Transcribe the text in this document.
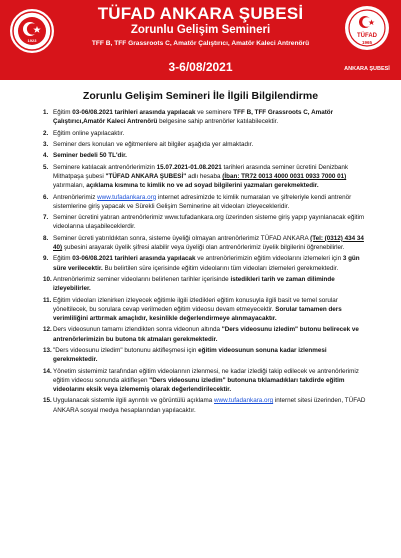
1923
TÜFAD ANKARA ŞUBESİ
Zorunlu Gelişim Semineri
TFF B, TFF Grassroots C, Amatör Çalıştırıcı, Amatör Kaleci Antrenörü
3-6/08/2021
TÜFAD
1965
ANKARA ŞUBESİ
Zorunlu Gelişim Semineri İle İlgili Bilgilendirme
1. Eğitim 03-06/08.2021 tarihleri arasında yapılacak ve seminere TFF B, TFF Grassroots C, Amatör Çalıştırıcı,Amatör Kaleci Antrenörü belgesine sahip antrenörler katılabilecektir.
2. Eğitim online yapılacaktır.
3. Seminer ders konuları ve eğitmenlere ait bilgiler aşağıda yer almaktadır.
4. Seminer bedeli 50 TL'dir.
5. Seminere katılacak antrenörlerimizin 15.07.2021-01.08.2021 tarihleri arasında seminer ücretini Denizbank Mithatpaşa şubesi "TÜFAD ANKARA ŞUBESİ" adlı hesaba (İban: TR72 0013 4000 0031 0933 7000 01) yatırmaları, açıklama kısmına tc kimlik no ve ad soyad bilgilerini yazmaları gerekmektedir.
6. Antrenörlerimiz www.tufadankara.org internet adresimizde tc kimlik numaraları ve şifreleriyle kendi antrenör sistemlerine giriş yapacak ve Sürekli Gelişim Seminerine ait videoları izleyecekleridir.
7. Seminer ücretini yatıran antrenörlerimiz www.tufadankara.org üzerinden sisteme giriş yapıp yayınlanacak eğitim videolarına ulaşabileceklerdir.
8. Seminer ücreti yatırıldıktan sonra, sisteme üyeliği olmayan antrenörlerimiz TÜFAD ANKARA (Tel: (0312) 434 34 40) şubesini arayarak üyelik şifresi alabilir veya üyeliği olan antrenörlerimiz üyelik bilgilerini öğrenebilirler.
9. Eğitim 03-06/08.2021 tarihleri arasında yapılacak ve antrenörlerimizin eğitim videolarını izlemeleri için 3 gün süre verilecektir. Bu belirtilen süre içerisinde eğitim videolarını tüm videoları izlemeleri gerekmektedir.
10. Antrenörlerimiz seminer videolarını belirlenen tarihler içerisinde istedikleri tarih ve zaman diliminde izleyebilirler.
11. Eğitim videoları izlenirken izleyecek eğitimle ilgili izledikleri eğitim konusuyla ilgili basit ve temel sorular yöneltilecek, bu sorulara cevap verilmeden eğitim videosu devam etmeyecektir. Sorular tamamen ders verimliliğini arttırmak amaçlıdır, kesinlikle değerlendirmeye alınmayacaktır.
12. Ders videosunun tamamı izlendikten sonra videonun altında "Ders videosunu izledim" butonu belirecek ve antrenörlerimizin bu butona tık atmaları gerekmektedir.
13. "Ders videosunu izledim" butonunu aktifleşmesi için eğitim videosunun sonuna kadar izlenmesi gerekmektedir.
14. Yönetim sistemimiz tarafından eğitim videolarının izlenmesi, ne kadar izlediği takip edilecek ve antrenörlerimiz eğitim videosu sonunda aktifleşen "Ders videosunu izledim" butonuna tıklamadıkları takdirde eğitim videolarını eksik veya izlememiş olarak değerlendirilecektir.
15. Uygulanacak sistemle ilgili ayrıntılı ve görüntülü açıklama www.tufadankara.org internet sitesi üzerinden, TÜFAD ANKARA sosyal medya hesaplarından yapılacaktır.
